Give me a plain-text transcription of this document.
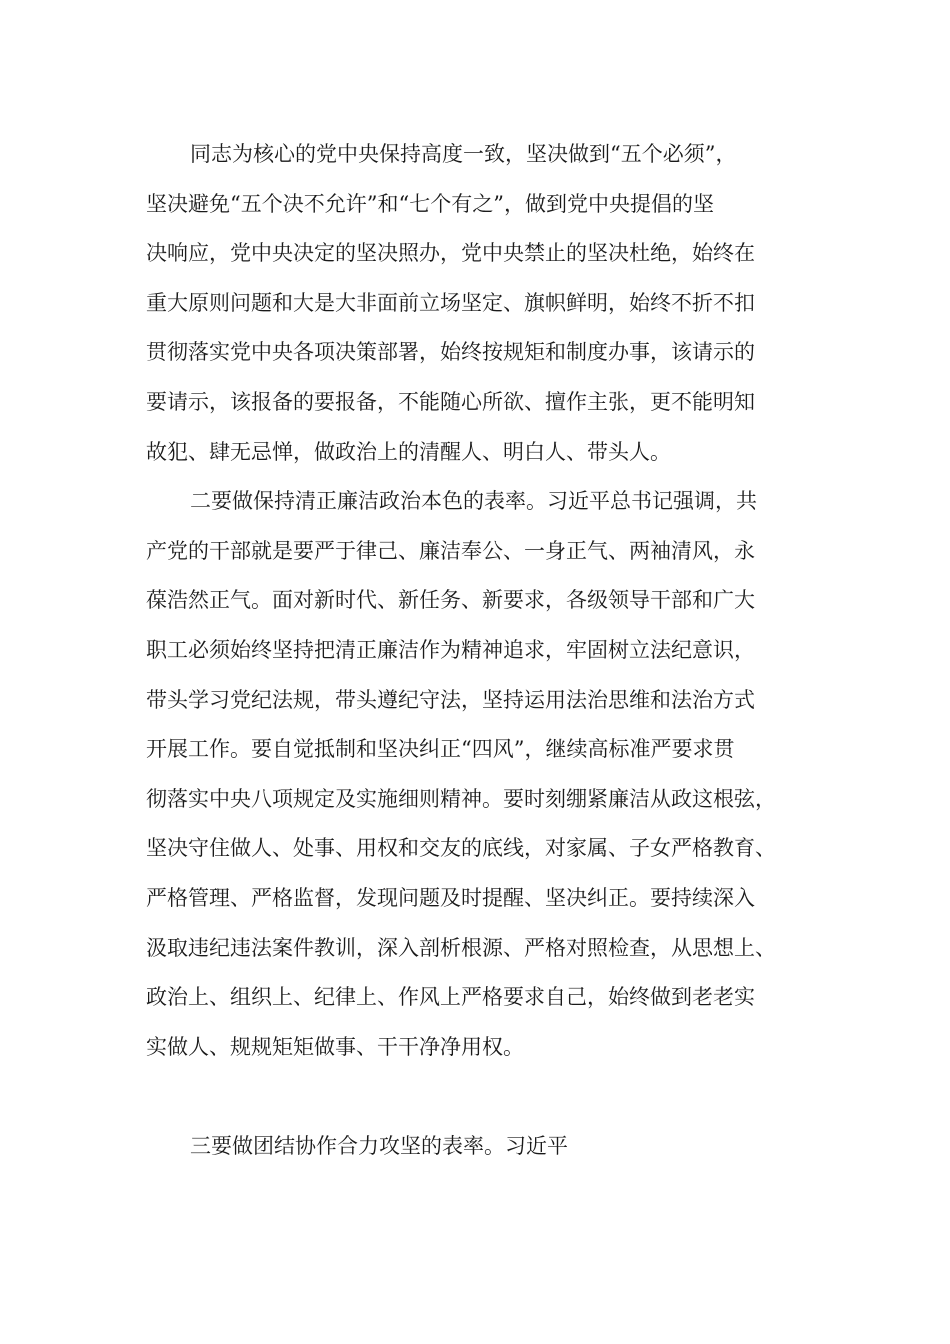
同志为核心的党中央保持高度一致，坚决做到“五个必须”，
坚决避免“五个决不允许”和“七个有之”，做到党中央提倡的坚
决响应，党中央决定的坚决照办，党中央禁止的坚决杜绝，始终在
重大原则问题和大是大非面前立场坚定、旗帜鲜明，始终不折不扣
贯彻落实党中央各项决策部署，始终按规矩和制度办事，该请示的
要请示，该报备的要报备，不能随心所欲、擅作主张，更不能明知
故犯、肆无忌惮，做政治上的清醒人、明白人、带头人。
二要做保持清正廉洁政治本色的表率。习近平总书记强调，共
产党的干部就是要严于律己、廉洁奉公、一身正气、两袖清风，永
葆浩然正气。面对新时代、新任务、新要求，各级领导干部和广大
职工必须始终坚持把清正廉洁作为精神追求，牢固树立法纪意识，
带头学习党纪法规，带头遵纪守法，坚持运用法治思维和法治方式
开展工作。要自觉抵制和坚决纠正“四风”，继续高标准严要求贯
彻落实中央八项规定及实施细则精神。要时刻绷紧廉洁从政这根弦，
坚决守住做人、处事、用权和交友的底线，对家属、子女严格教育、
严格管理、严格监督，发现问题及时提醒、坚决纠正。要持续深入
汲取违纪违法案件教训，深入剖析根源、严格对照检查，从思想上、
政治上、组织上、纪律上、作风上严格要求自己，始终做到老老实
实做人、规规矩矩做事、干干净净用权。
三要做团结协作合力攻坚的表率。习近平
